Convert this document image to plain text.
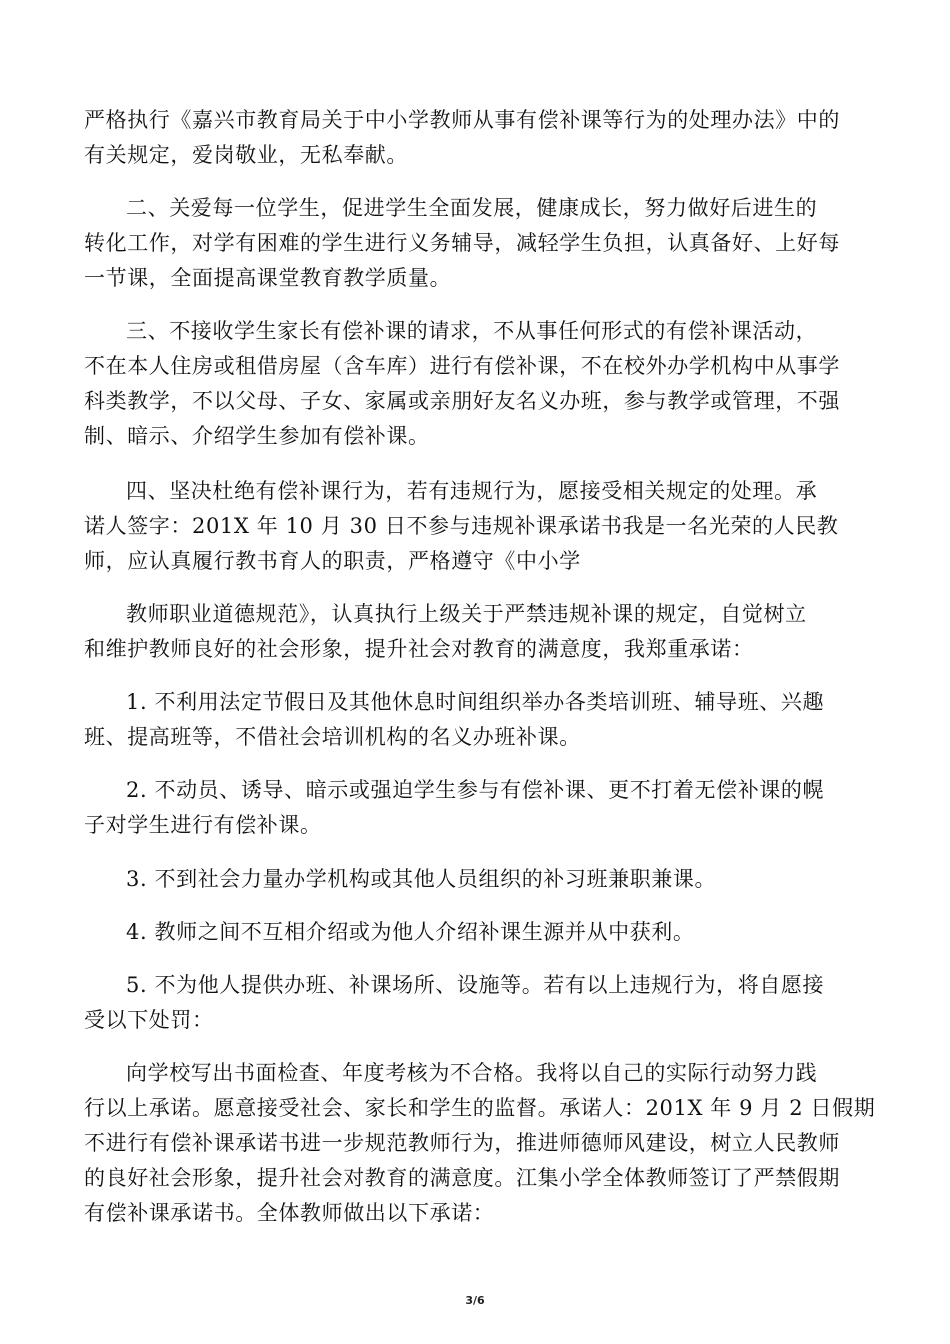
严格执行《嘉兴市教育局关于中小学教师从事有偿补课等行为的处理办法》中的
有关规定，爱岗敬业，无私奉献。
二、关爱每一位学生，促进学生全面发展，健康成长，努力做好后进生的
转化工作，对学有困难的学生进行义务辅导，减轻学生负担，认真备好、上好每
一节课，全面提高课堂教育教学质量。
三、不接收学生家长有偿补课的请求，不从事任何形式的有偿补课活动，
不在本人住房或租借房屋（含车库）进行有偿补课，不在校外办学机构中从事学
科类教学，不以父母、子女、家属或亲朋好友名义办班，参与教学或管理，不强
制、暗示、介绍学生参加有偿补课。
四、坚决杜绝有偿补课行为，若有违规行为，愿接受相关规定的处理。承
诺人签字：201X 年 10 月 30 日不参与违规补课承诺书我是一名光荣的人民教
师，应认真履行教书育人的职责，严格遵守《中小学
教师职业道德规范》，认真执行上级关于严禁违规补课的规定，自觉树立
和维护教师良好的社会形象，提升社会对教育的满意度，我郑重承诺：
1. 不利用法定节假日及其他休息时间组织举办各类培训班、辅导班、兴趣
班、提高班等，不借社会培训机构的名义办班补课。
2. 不动员、诱导、暗示或强迫学生参与有偿补课、更不打着无偿补课的幌
子对学生进行有偿补课。
3. 不到社会力量办学机构或其他人员组织的补习班兼职兼课。
4. 教师之间不互相介绍或为他人介绍补课生源并从中获利。
5. 不为他人提供办班、补课场所、设施等。若有以上违规行为，将自愿接
受以下处罚：
向学校写出书面检查、年度考核为不合格。我将以自己的实际行动努力践
行以上承诺。愿意接受社会、家长和学生的监督。承诺人：201X 年 9 月 2 日假期
不进行有偿补课承诺书进一步规范教师行为，推进师德师风建设，树立人民教师
的良好社会形象，提升社会对教育的满意度。江集小学全体教师签订了严禁假期
有偿补课承诺书。全体教师做出以下承诺：
3/6
